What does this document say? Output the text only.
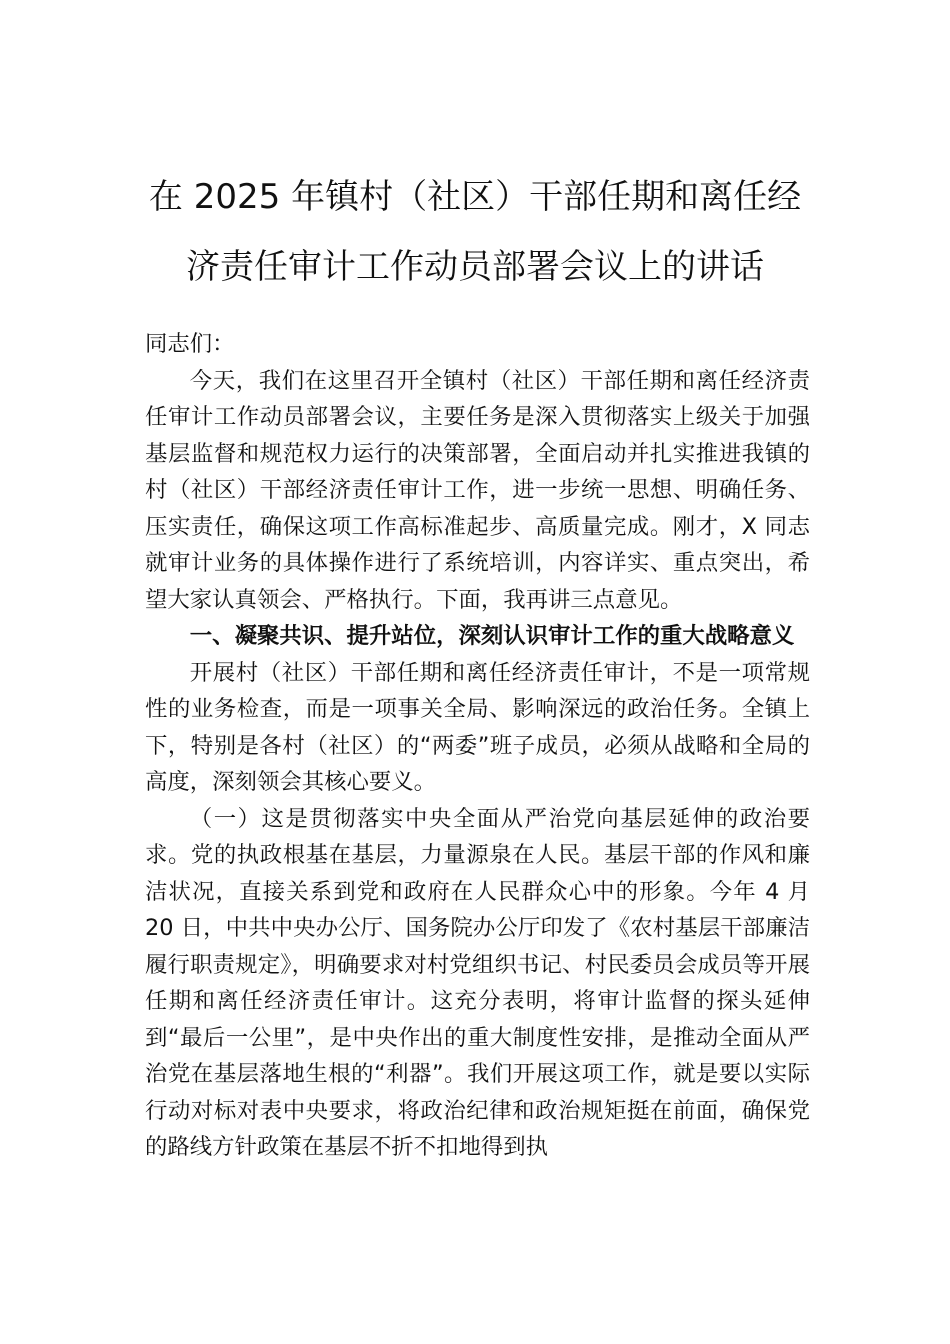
在 2025 年镇村（社区）干部任期和离任经
济责任审计工作动员部署会议上的讲话

同志们：

今天，我们在这里召开全镇村（社区）干部任期和离任经济责任审计工作动员部署会议，主要任务是深入贯彻落实上级关于加强基层监督和规范权力运行的决策部署，全面启动并扎实推进我镇的村（社区）干部经济责任审计工作，进一步统一思想、明确任务、压实责任，确保这项工作高标准起步、高质量完成。刚才，X 同志就审计业务的具体操作进行了系统培训，内容详实、重点突出，希望大家认真领会、严格执行。下面，我再讲三点意见。

一、凝聚共识、提升站位，深刻认识审计工作的重大战略意义

开展村（社区）干部任期和离任经济责任审计，不是一项常规性的业务检查，而是一项事关全局、影响深远的政治任务。全镇上下，特别是各村（社区）的“两委”班子成员，必须从战略和全局的高度，深刻领会其核心要义。

（一）这是贯彻落实中央全面从严治党向基层延伸的政治要求。党的执政根基在基层，力量源泉在人民。基层干部的作风和廉洁状况，直接关系到党和政府在人民群众心中的形象。今年 4 月 20 日，中共中央办公厅、国务院办公厅印发了《农村基层干部廉洁履行职责规定》，明确要求对村党组织书记、村民委员会成员等开展任期和离任经济责任审计。这充分表明，将审计监督的探头延伸到“最后一公里”，是中央作出的重大制度性安排，是推动全面从严治党在基层落地生根的“利器”。我们开展这项工作，就是要以实际行动对标对表中央要求，将政治纪律和政治规矩挺在前面，确保党的路线方针政策在基层不折不扣地得到执
